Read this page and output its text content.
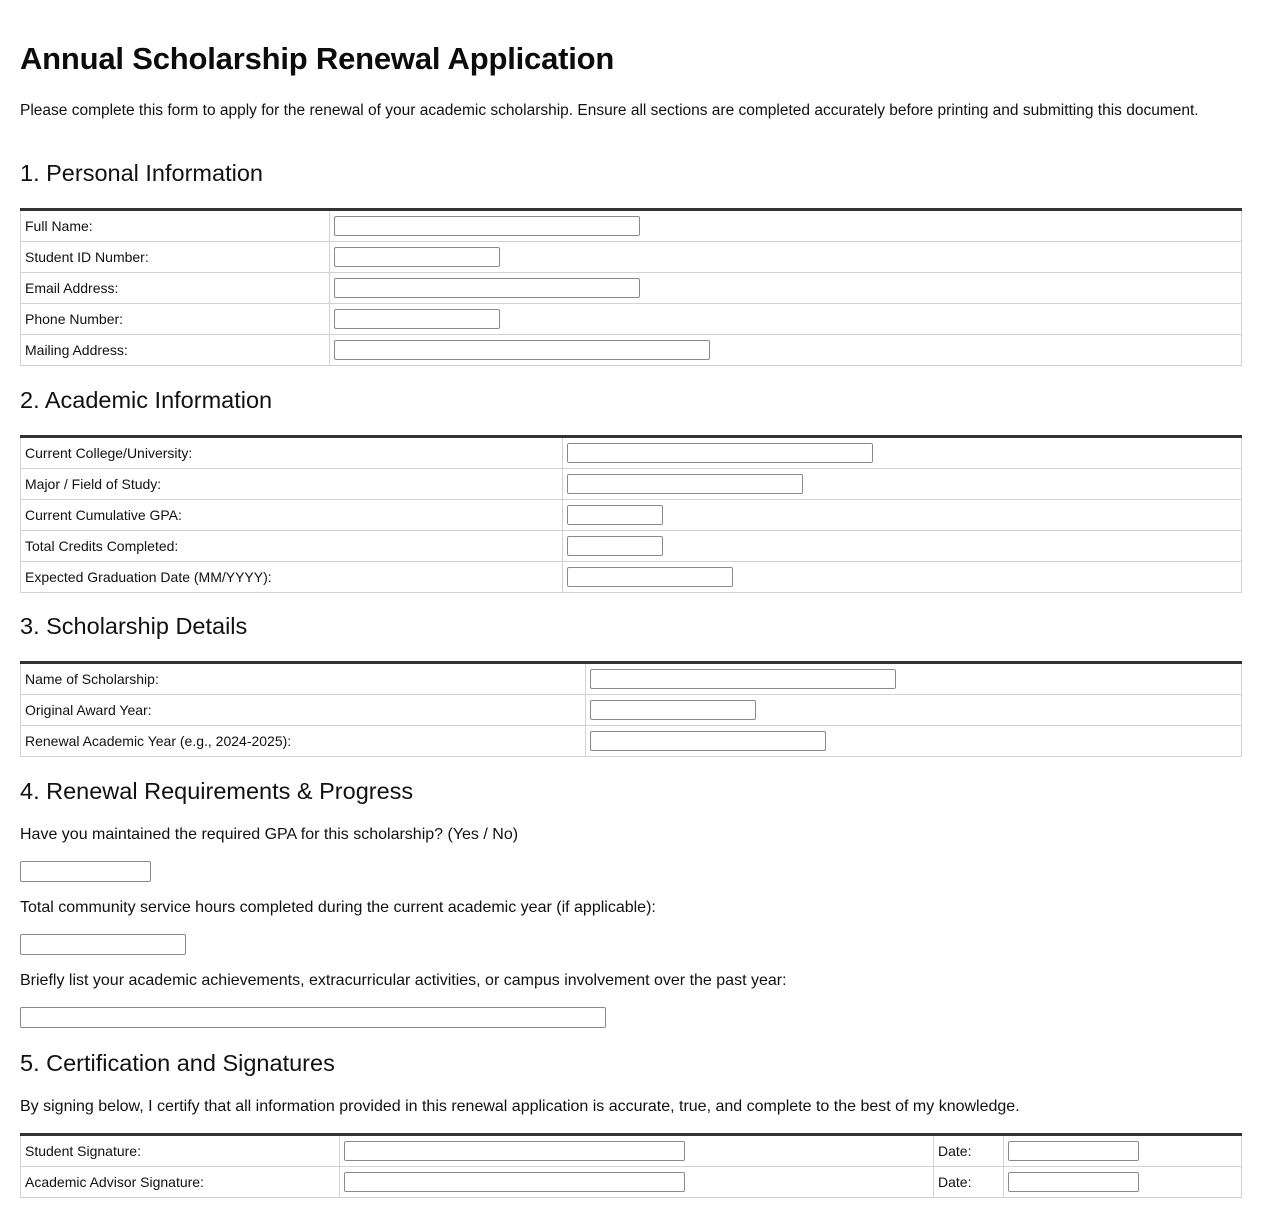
Annual Scholarship Renewal Application

Please complete this form to apply for the renewal of your academic scholarship. Ensure all sections are completed accurately before printing and submitting this document.

1. Personal Information
Full Name:	

Student ID Number:	

Email Address:	

Phone Number:	

Mailing Address:	
2. Academic Information
Current College/University:	

Major / Field of Study:	

Current Cumulative GPA:	

Total Credits Completed:	

Expected Graduation Date (MM/YYYY):	
3. Scholarship Details
Name of Scholarship:	

Original Award Year:	

Renewal Academic Year (e.g., 2024-2025):	
4. Renewal Requirements & Progress

Have you maintained the required GPA for this scholarship? (Yes / No)

Total community service hours completed during the current academic year (if applicable):

Briefly list your academic achievements, extracurricular activities, or campus involvement over the past year:

5. Certification and Signatures

By signing below, I certify that all information provided in this renewal application is accurate, true, and complete to the best of my knowledge.

Student Signature:		Date:	

Academic Advisor Signature:		Date:	
